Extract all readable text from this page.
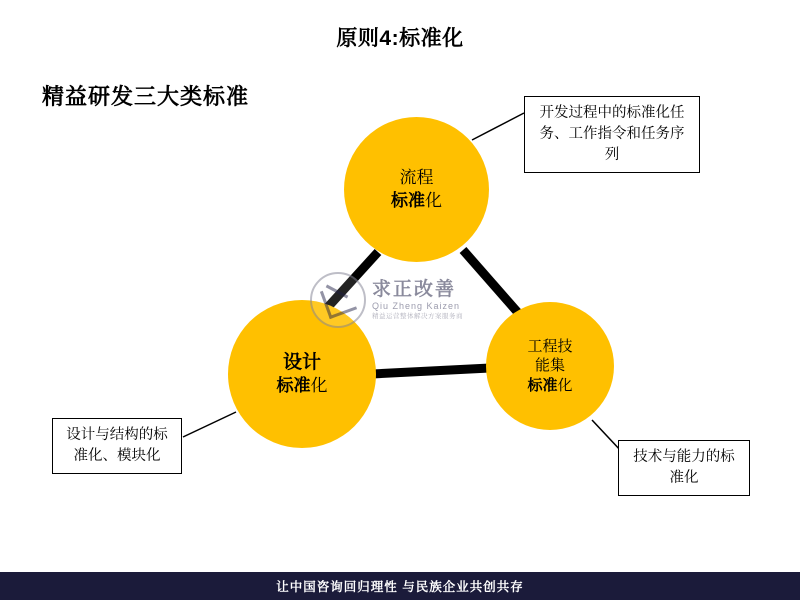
原则4:标准化
精益研发三大类标准
流程
标准化
设计
标准化
工程技
能集
标准化
开发过程中的标准化任务、工作指令和任务序列
设计与结构的标准化、模块化	技术与能力的标准化
求正改善
Qiu Zheng Kaizen
精益运营整体解决方案服务商
让中国咨询回归理性 与民族企业共创共存
